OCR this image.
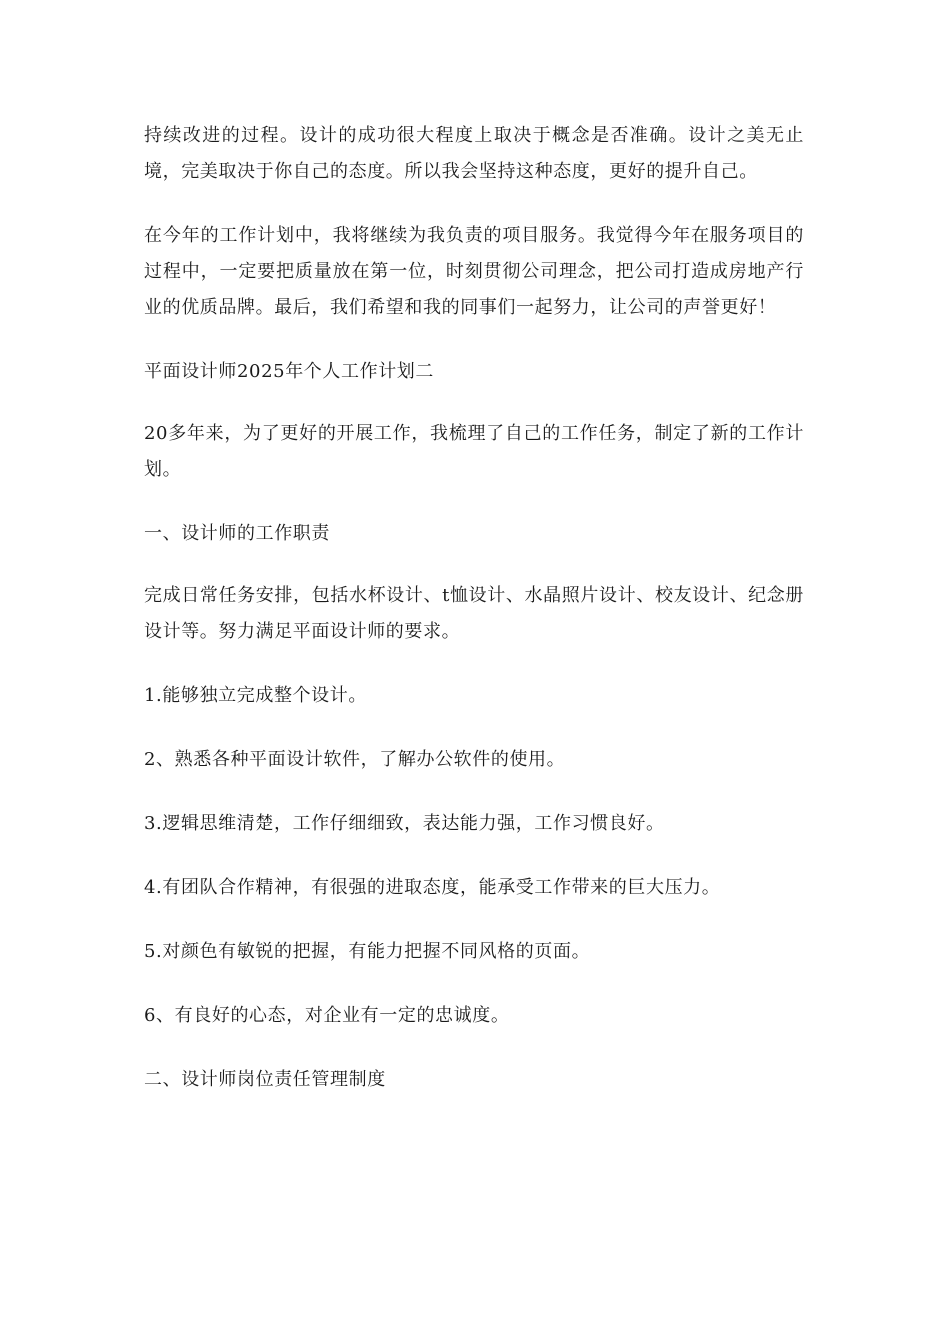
持续改进的过程。设计的成功很大程度上取决于概念是否准确。设计之美无止境，完美取决于你自己的态度。所以我会坚持这种态度，更好的提升自己。

在今年的工作计划中，我将继续为我负责的项目服务。我觉得今年在服务项目的过程中，一定要把质量放在第一位，时刻贯彻公司理念，把公司打造成房地产行业的优质品牌。最后，我们希望和我的同事们一起努力，让公司的声誉更好！

平面设计师2025年个人工作计划二

20多年来，为了更好的开展工作，我梳理了自己的工作任务，制定了新的工作计划。

一、设计师的工作职责

完成日常任务安排，包括水杯设计、t恤设计、水晶照片设计、校友设计、纪念册设计等。努力满足平面设计师的要求。

1.能够独立完成整个设计。

2、熟悉各种平面设计软件，了解办公软件的使用。

3.逻辑思维清楚，工作仔细细致，表达能力强，工作习惯良好。

4.有团队合作精神，有很强的进取态度，能承受工作带来的巨大压力。

5.对颜色有敏锐的把握，有能力把握不同风格的页面。

6、有良好的心态，对企业有一定的忠诚度。

二、设计师岗位责任管理制度
